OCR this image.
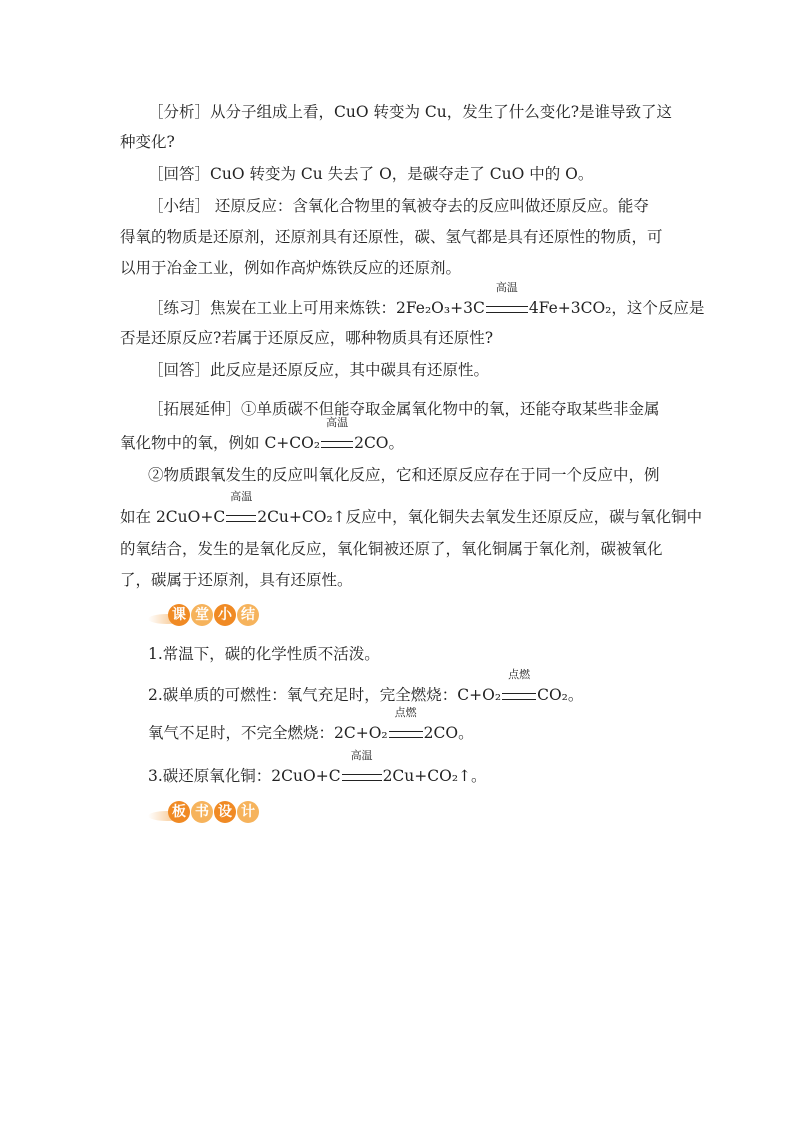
［分析］从分子组成上看，CuO 转变为 Cu，发生了什么变化?是谁导致了这
种变化?
［回答］CuO 转变为 Cu 失去了 O，是碳夺走了 CuO 中的 O。
［小结］ 还原反应：含氧化合物里的氧被夺去的反应叫做还原反应。能夺
得氧的物质是还原剂，还原剂具有还原性，碳、氢气都是具有还原性的物质，可
以用于冶金工业，例如作高炉炼铁反应的还原剂。
［练习］焦炭在工业上可用来炼铁：2Fe₂O₃+3C
高温
4Fe+3CO₂，这个反应是
否是还原反应?若属于还原反应，哪种物质具有还原性?
［回答］此反应是还原反应，其中碳具有还原性。
［拓展延伸］①单质碳不但能夺取金属氧化物中的氧，还能夺取某些非金属
氧化物中的氧，例如 C+CO₂
高温
2CO。
②物质跟氧发生的反应叫氧化反应，它和还原反应存在于同一个反应中，例
如在 2CuO+C
高温
2Cu+CO₂↑反应中，氧化铜失去氧发生还原反应，碳与氧化铜中
的氧结合，发生的是氧化反应，氧化铜被还原了，氧化铜属于氧化剂，碳被氧化
了，碳属于还原剂，具有还原性。
课 堂 小 结
1.常温下，碳的化学性质不活泼。
2.碳单质的可燃性：氧气充足时，完全燃烧：C+O₂
点燃
CO₂。
氧气不足时，不完全燃烧：2C+O₂
点燃
2CO。
3.碳还原氧化铜：2CuO+C
高温
2Cu+CO₂↑。
板 书 设 计
